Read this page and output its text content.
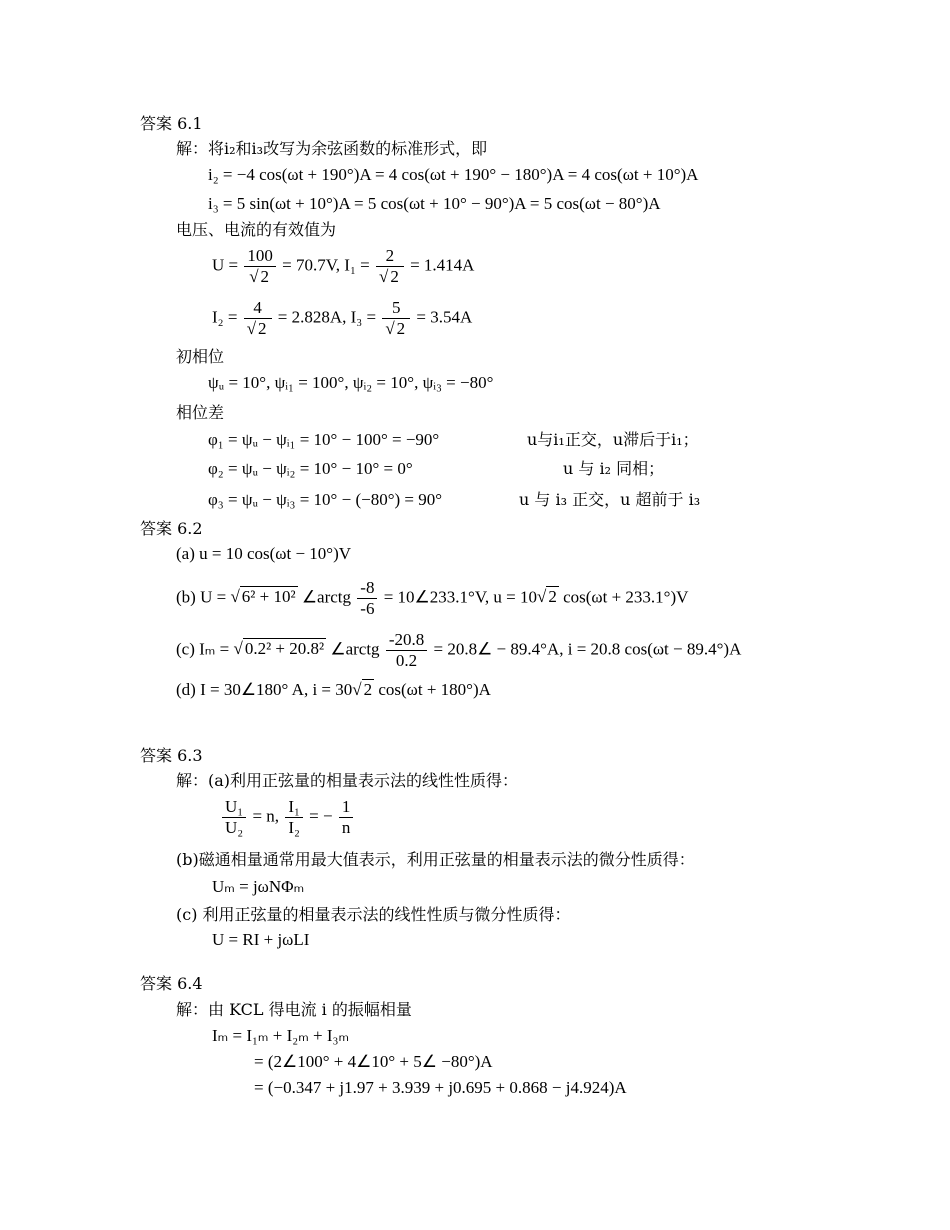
答案 6.1
解：将i₂和i₃改写为余弦函数的标准形式，即
i₂ = −4 cos(ωt + 190°)A = 4 cos(ωt + 190° − 180°)A = 4 cos(ωt + 10°)A
i₃ = 5 sin(ωt + 10°)A = 5 cos(ωt + 10° − 90°)A = 5 cos(ωt − 80°)A
电压、电流的有效值为
$U = \frac{100}{√ 2} = 70.7V$, $I_1 = \frac{2}{√ 2} = 1.414A$
$I_2 = \frac{4}{√ 2} = 2.828A$, $I_3 = \frac{5}{√ 2} = 3.54A$
初相位
ψᵤ = 10°, ψᵢ₁ = 100°, ψᵢ₂ = 10°, ψᵢ₃ = −80°
相位差
φ₁ = ψᵤ − ψᵢ₁ = 10° − 100° = −90°	u与i₁正交，u滞后于i₁；
φ₂ = ψᵤ − ψᵢ₂ = 10° − 10° = 0°	u 与 i₂ 同相；
φ₃ = ψᵤ − ψᵢ₃ = 10° − (−80°) = 90°	u 与 i₃ 正交，u 超前于 i₃
答案 6.2
(a) u = 10 cos(ωt − 10°)V
(b) U = √ 6² + 10² ∠arctg $\frac{-8}{-6}$ = 10∠233.1°V, u = 10√ 2 cos(ωt + 233.1°)V
(c) Iₘ = √ 0.2² + 20.8² ∠arctg $\frac{-20.8}{0.2}$ = 20.8∠ − 89.4°A, i = 20.8 cos(ωt − 89.4°)A
(d) I = 30∠180° A, i = 30√ 2 cos(ωt + 180°)A
答案 6.3
解：(a)利用正弦量的相量表示法的线性性质得：
$\frac{\text{U₁}}{\text{U₂}} = n$, $\frac{\text{I₁}}{\text{I₂}}$ = − $\frac{1}{n}$
(b)磁通相量通常用最大值表示，利用正弦量的相量表示法的微分性质得：
Uₘ = jωNΦₘ
(c) 利用正弦量的相量表示法的线性性质与微分性质得：
U = RI + jωLI
答案 6.4
解：由 KCL 得电流 i 的振幅相量
Iₘ = I₁ₘ + I₂ₘ + I₃ₘ
= (2∠100° + 4∠10° + 5∠ −80°)A
= (−0.347 + j1.97 + 3.939 + j0.695 + 0.868 − j4.924)A
